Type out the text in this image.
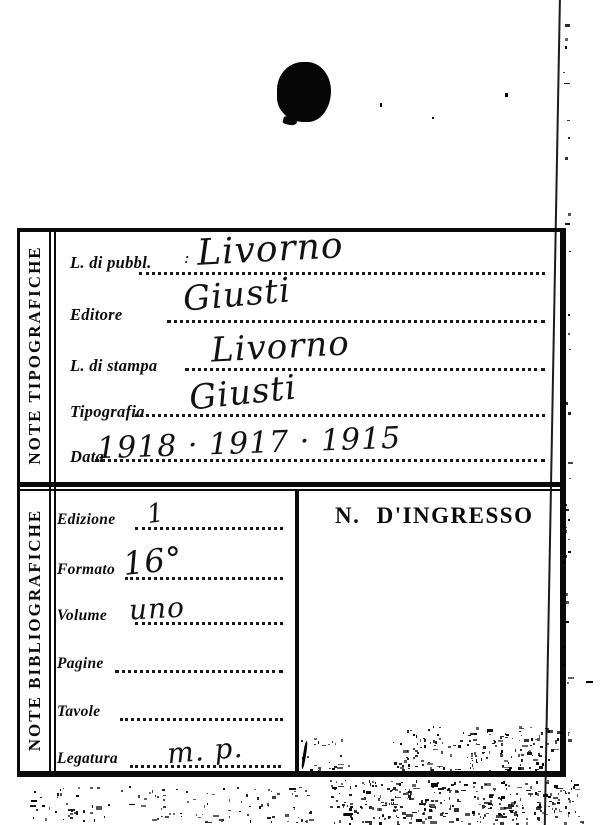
NOTE TIPOGRAFICHE
NOTE BIBLIOGRAFICHE
L. di pubbl. : Livorno
Editore Giusti
L. di stampa Livorno
Tipografia Giusti
Data
1918 · 1917 · 1915
Edizione 1
Formato 16°
Volume uno
Pagine
Tavole
Legatura m. p.
N. D'INGRESSO
